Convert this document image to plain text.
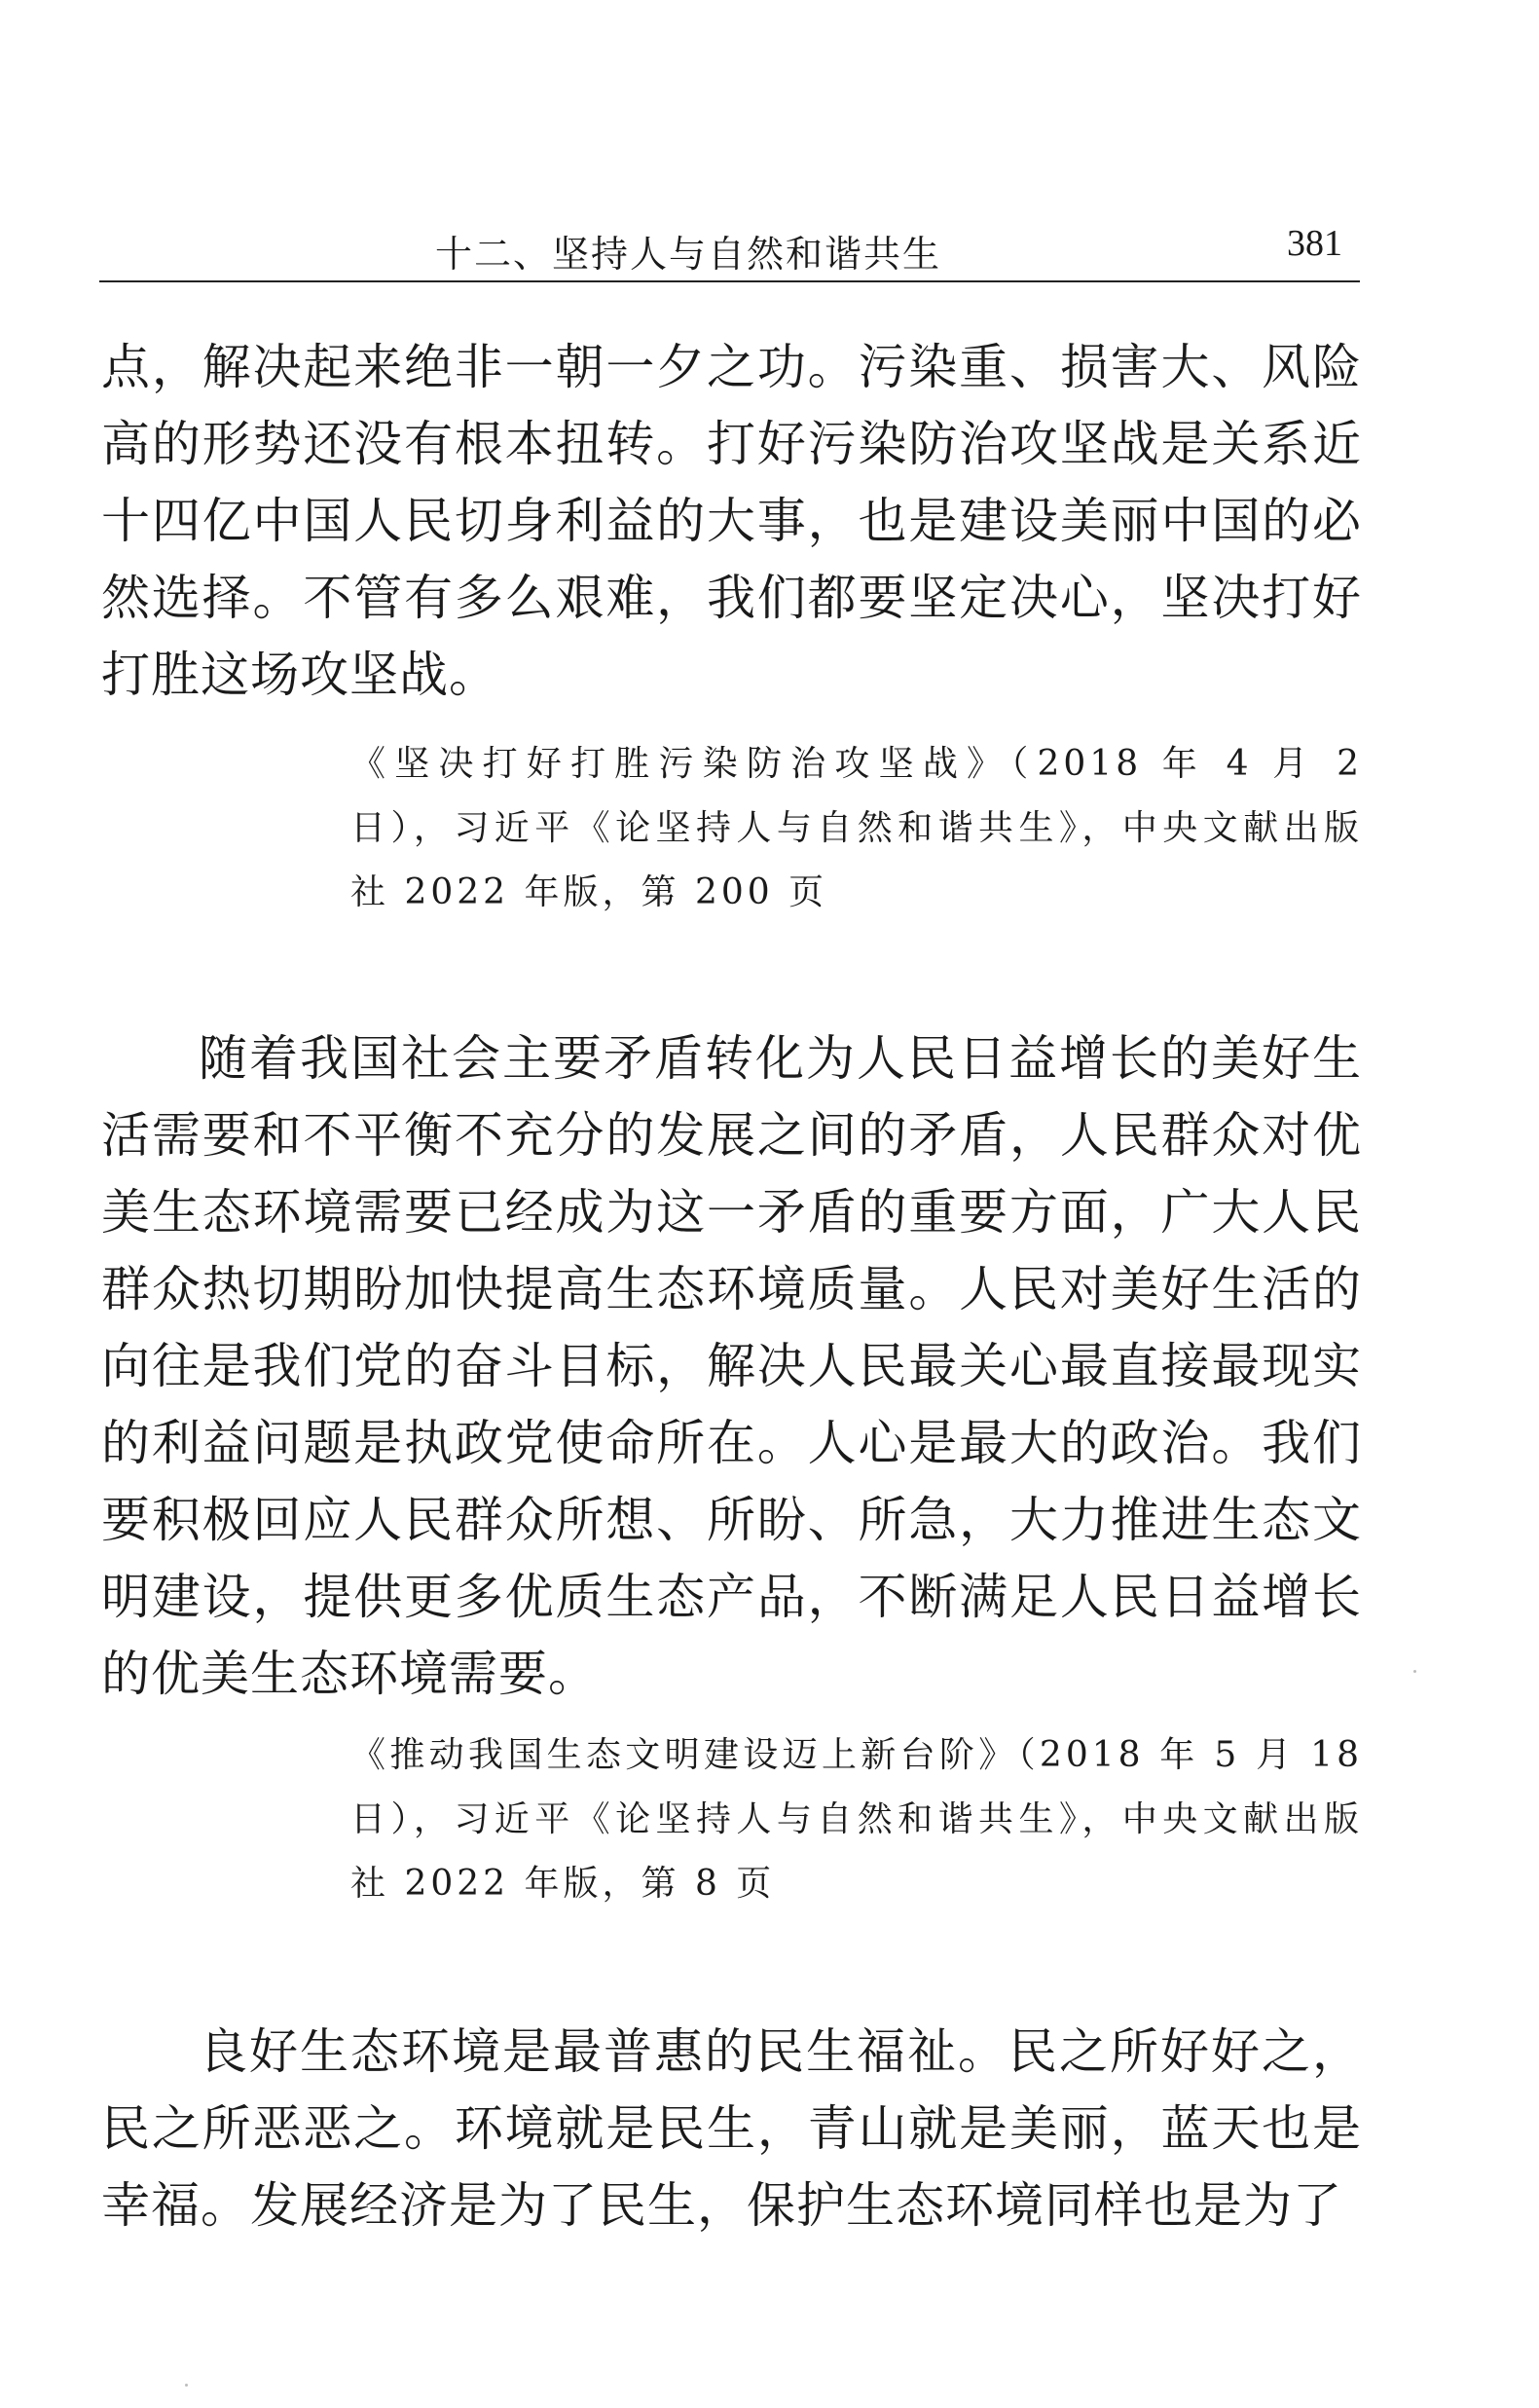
十二、坚持人与自然和谐共生	381

点，解决起来绝非一朝一夕之功。污染重、损害大、风险高的形势还没有根本扭转。打好污染防治攻坚战是关系近十四亿中国人民切身利益的大事，也是建设美丽中国的必然选择。不管有多么艰难，我们都要坚定决心，坚决打好打胜这场攻坚战。

《坚决打好打胜污染防治攻坚战》（2018 年 4 月 2 日），习近平《论坚持人与自然和谐共生》，中央文献出版社 2022 年版，第 200 页

随着我国社会主要矛盾转化为人民日益增长的美好生活需要和不平衡不充分的发展之间的矛盾，人民群众对优美生态环境需要已经成为这一矛盾的重要方面，广大人民群众热切期盼加快提高生态环境质量。人民对美好生活的向往是我们党的奋斗目标，解决人民最关心最直接最现实的利益问题是执政党使命所在。人心是最大的政治。我们要积极回应人民群众所想、所盼、所急，大力推进生态文明建设，提供更多优质生态产品，不断满足人民日益增长的优美生态环境需要。

《推动我国生态文明建设迈上新台阶》（2018 年 5 月 18 日），习近平《论坚持人与自然和谐共生》，中央文献出版社 2022 年版，第 8 页

良好生态环境是最普惠的民生福祉。民之所好好之，民之所恶恶之。环境就是民生，青山就是美丽，蓝天也是幸福。发展经济是为了民生，保护生态环境同样也是为了
